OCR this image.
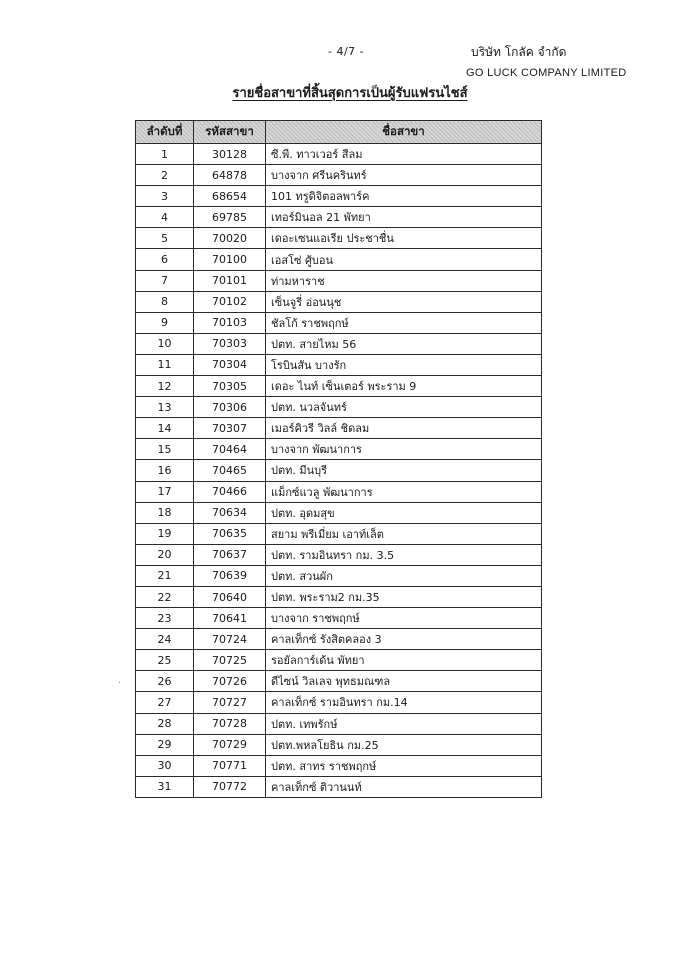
- 4/7 -	บริษัท โกลัค จำกัด
GO LUCK COMPANY LIMITED
รายชื่อสาขาที่สิ้นสุดการเป็นผู้รับแฟรนไชส์
ลำดับที่	รหัสสาขา	ชื่อสาขา
1	30128	ซี.พี. ทาวเวอร์ สีลม
2	64878	บางจาก ศรีนครินทร์
3	68654	101 ทรูดิจิตอลพาร์ค
4	69785	เทอร์มินอล 21 พัทยา
5	70020	เดอะเซนแอเรีย ประชาชื่น
6	70100	เอสโซ่ ศู้บอน
7	70101	ท่ามหาราช
8	70102	เซ็นจูรี่ อ่อนนุช
9	70103	ชัลโก้ ราชพฤกษ์
10	70303	ปตท. สายไหม 56
11	70304	โรบินสัน บางรัก
12	70305	เดอะ ไนท์ เซ็นเตอร์ พระราม 9
13	70306	ปตท. นวลจันทร์
14	70307	เมอร์คิวรี วิลล์ ชิดลม
15	70464	บางจาก พัฒนาการ
16	70465	ปตท. มีนบุรี
17	70466	แม็กซ์แวลู พัฒนาการ
18	70634	ปตท. อุดมสุข
19	70635	สยาม พรีเมี่ยม เอาท์เล็ต
20	70637	ปตท. รามอินทรา กม. 3.5
21	70639	ปตท. สวนผัก
22	70640	ปตท. พระราม2 กม.35
23	70641	บางจาก ราชพฤกษ์
24	70724	คาลเท็กซ์ รังสิตคลอง 3
25	70725	รอยัลการ์เด้น พัทยา
26	70726	ดีไซน์ วิลเลจ พุทธมณฑล
27	70727	คาลเท็กซ์ รามอินทรา กม.14
28	70728	ปตท. เทพรักษ์
29	70729	ปตท.พหลโยธิน กม.25
30	70771	ปตท. สาทร ราชพฤกษ์
31	70772	คาลเท็กซ์ ติวานนท์
.
